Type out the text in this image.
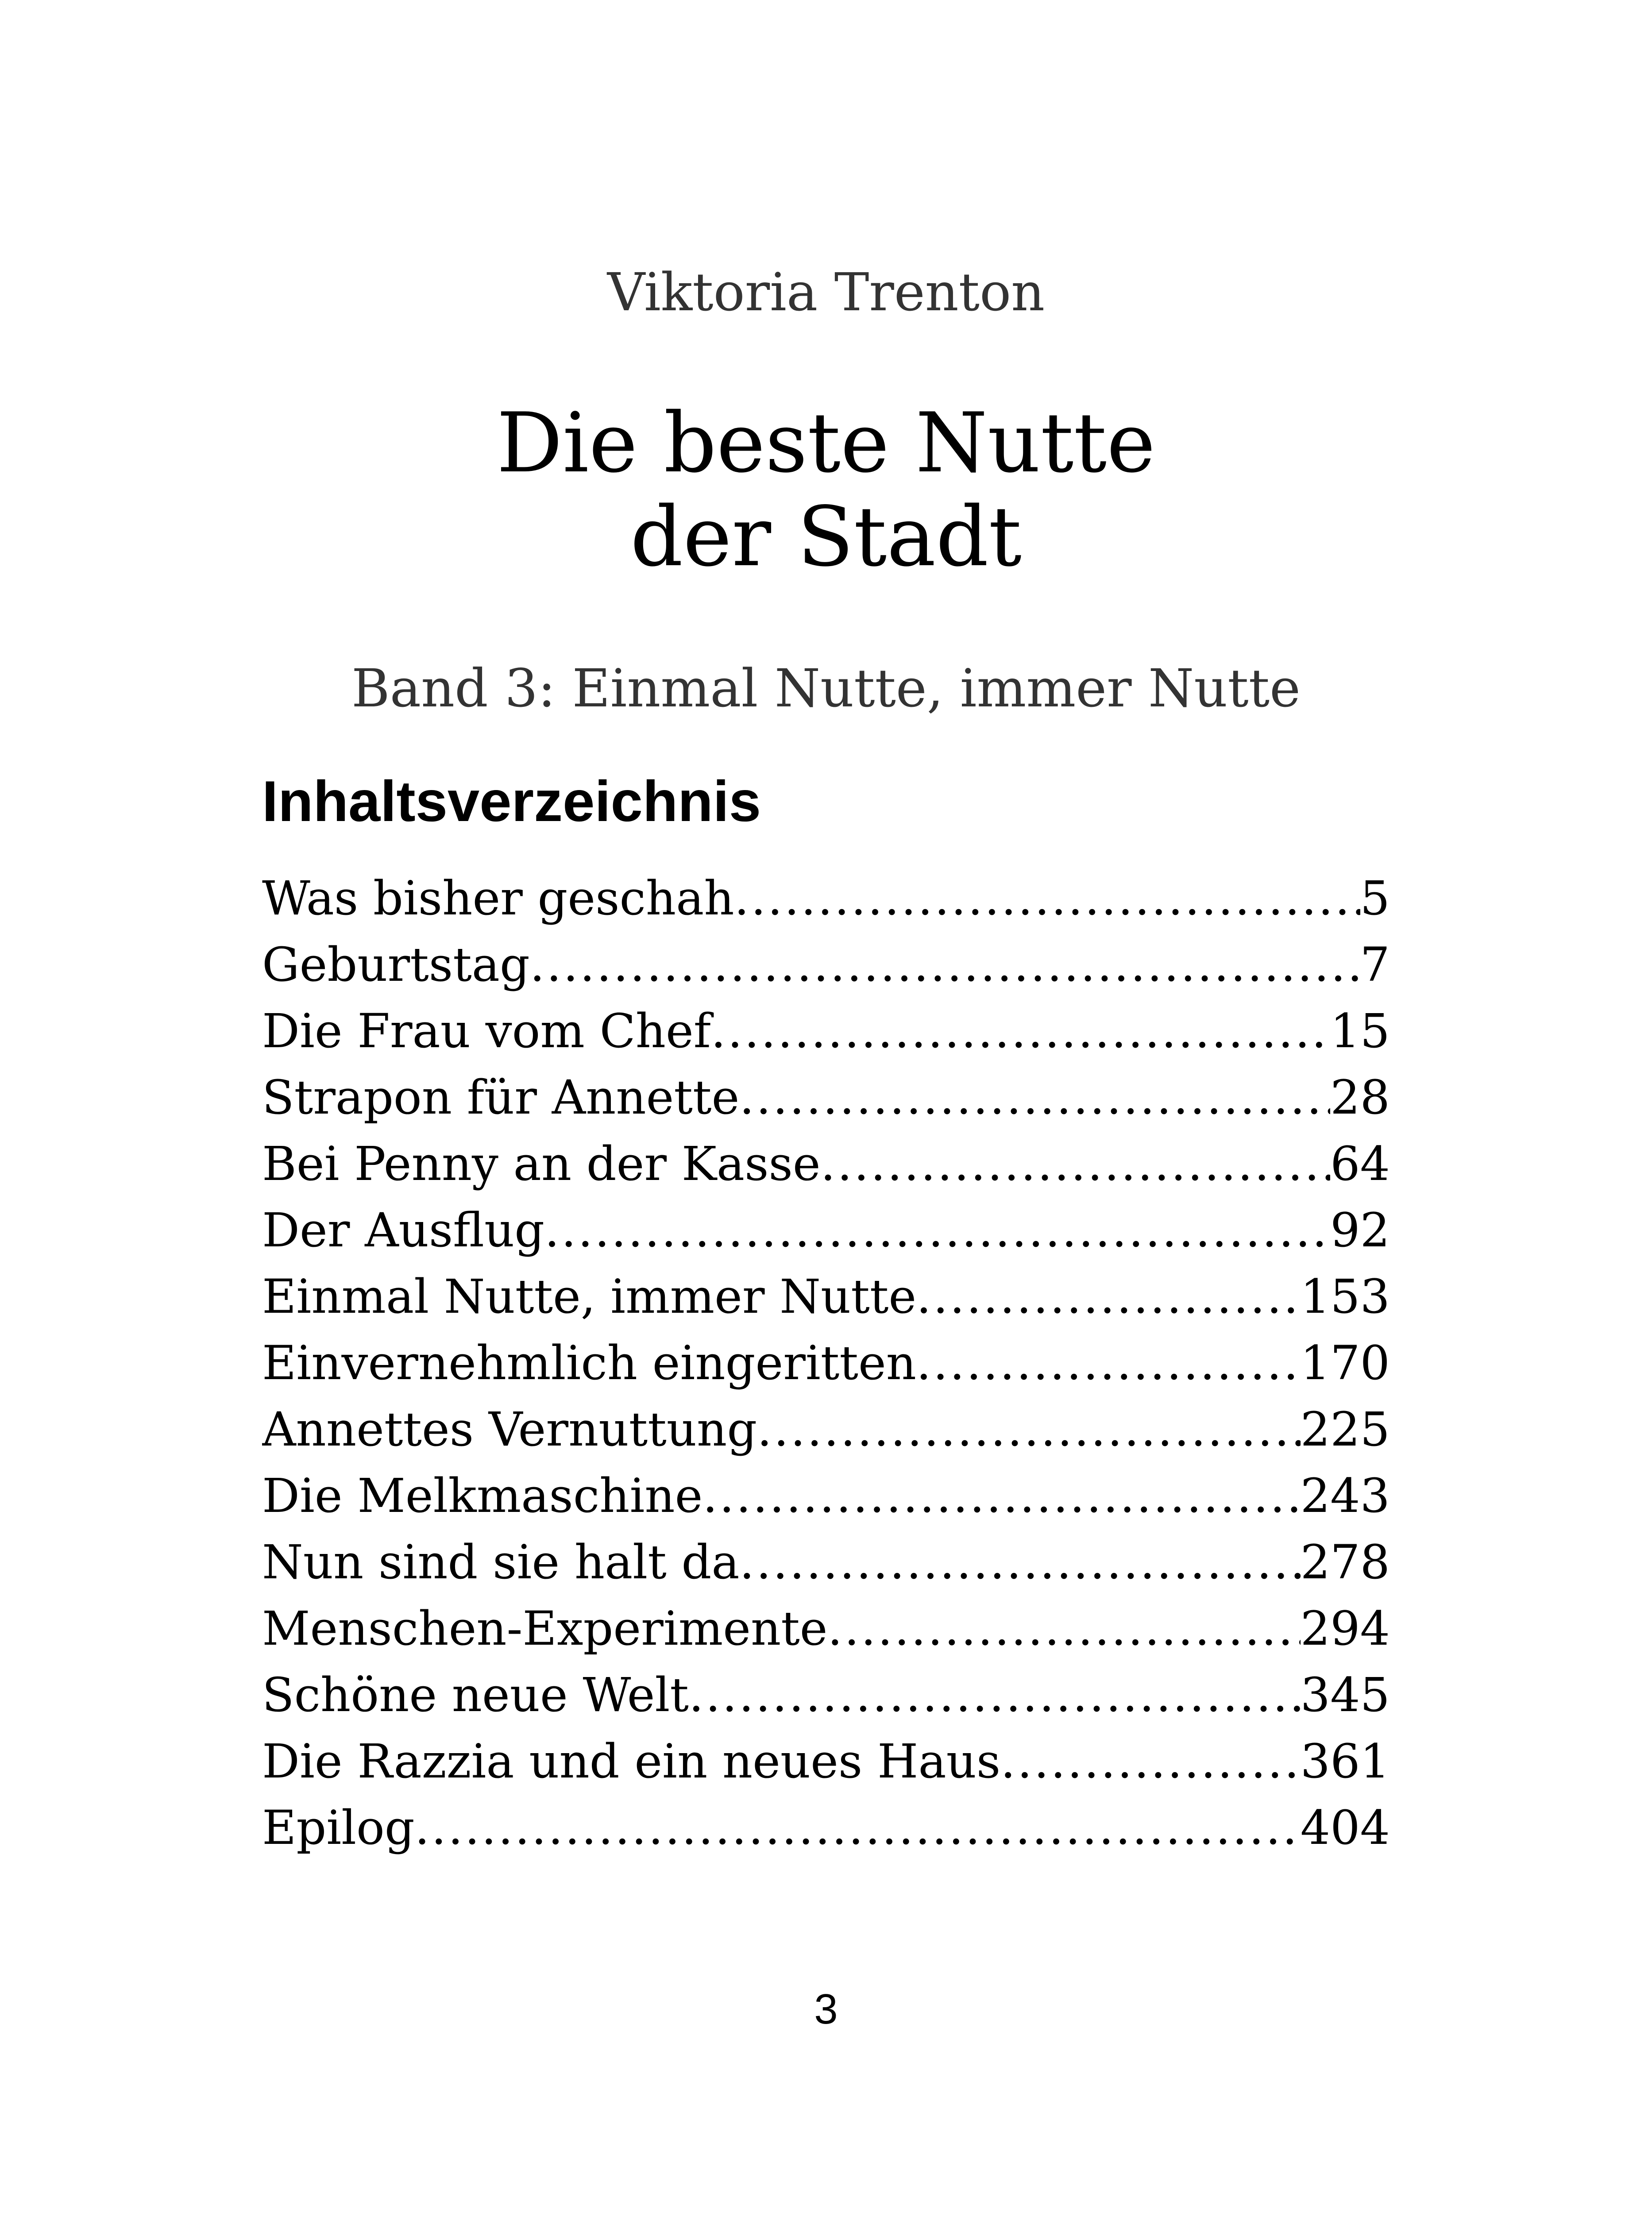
Viktoria Trenton
Die beste Nutte
der Stadt
Band 3: Einmal Nutte, immer Nutte
Inhaltsverzeichnis
Was bisher geschah .....	5
Geburtstag .....	7
Die Frau vom Chef .....	15
Strapon für Annette .....	28
Bei Penny an der Kasse .....	64
Der Ausflug .....	92
Einmal Nutte, immer Nutte .....	153
Einvernehmlich eingeritten .....	170
Annettes Vernuttung .....	225
Die Melkmaschine .....	243
Nun sind sie halt da .....	278
Menschen-Experimente .....	294
Schöne neue Welt .....	345
Die Razzia und ein neues Haus .....	361
Epilog .....	404
3
